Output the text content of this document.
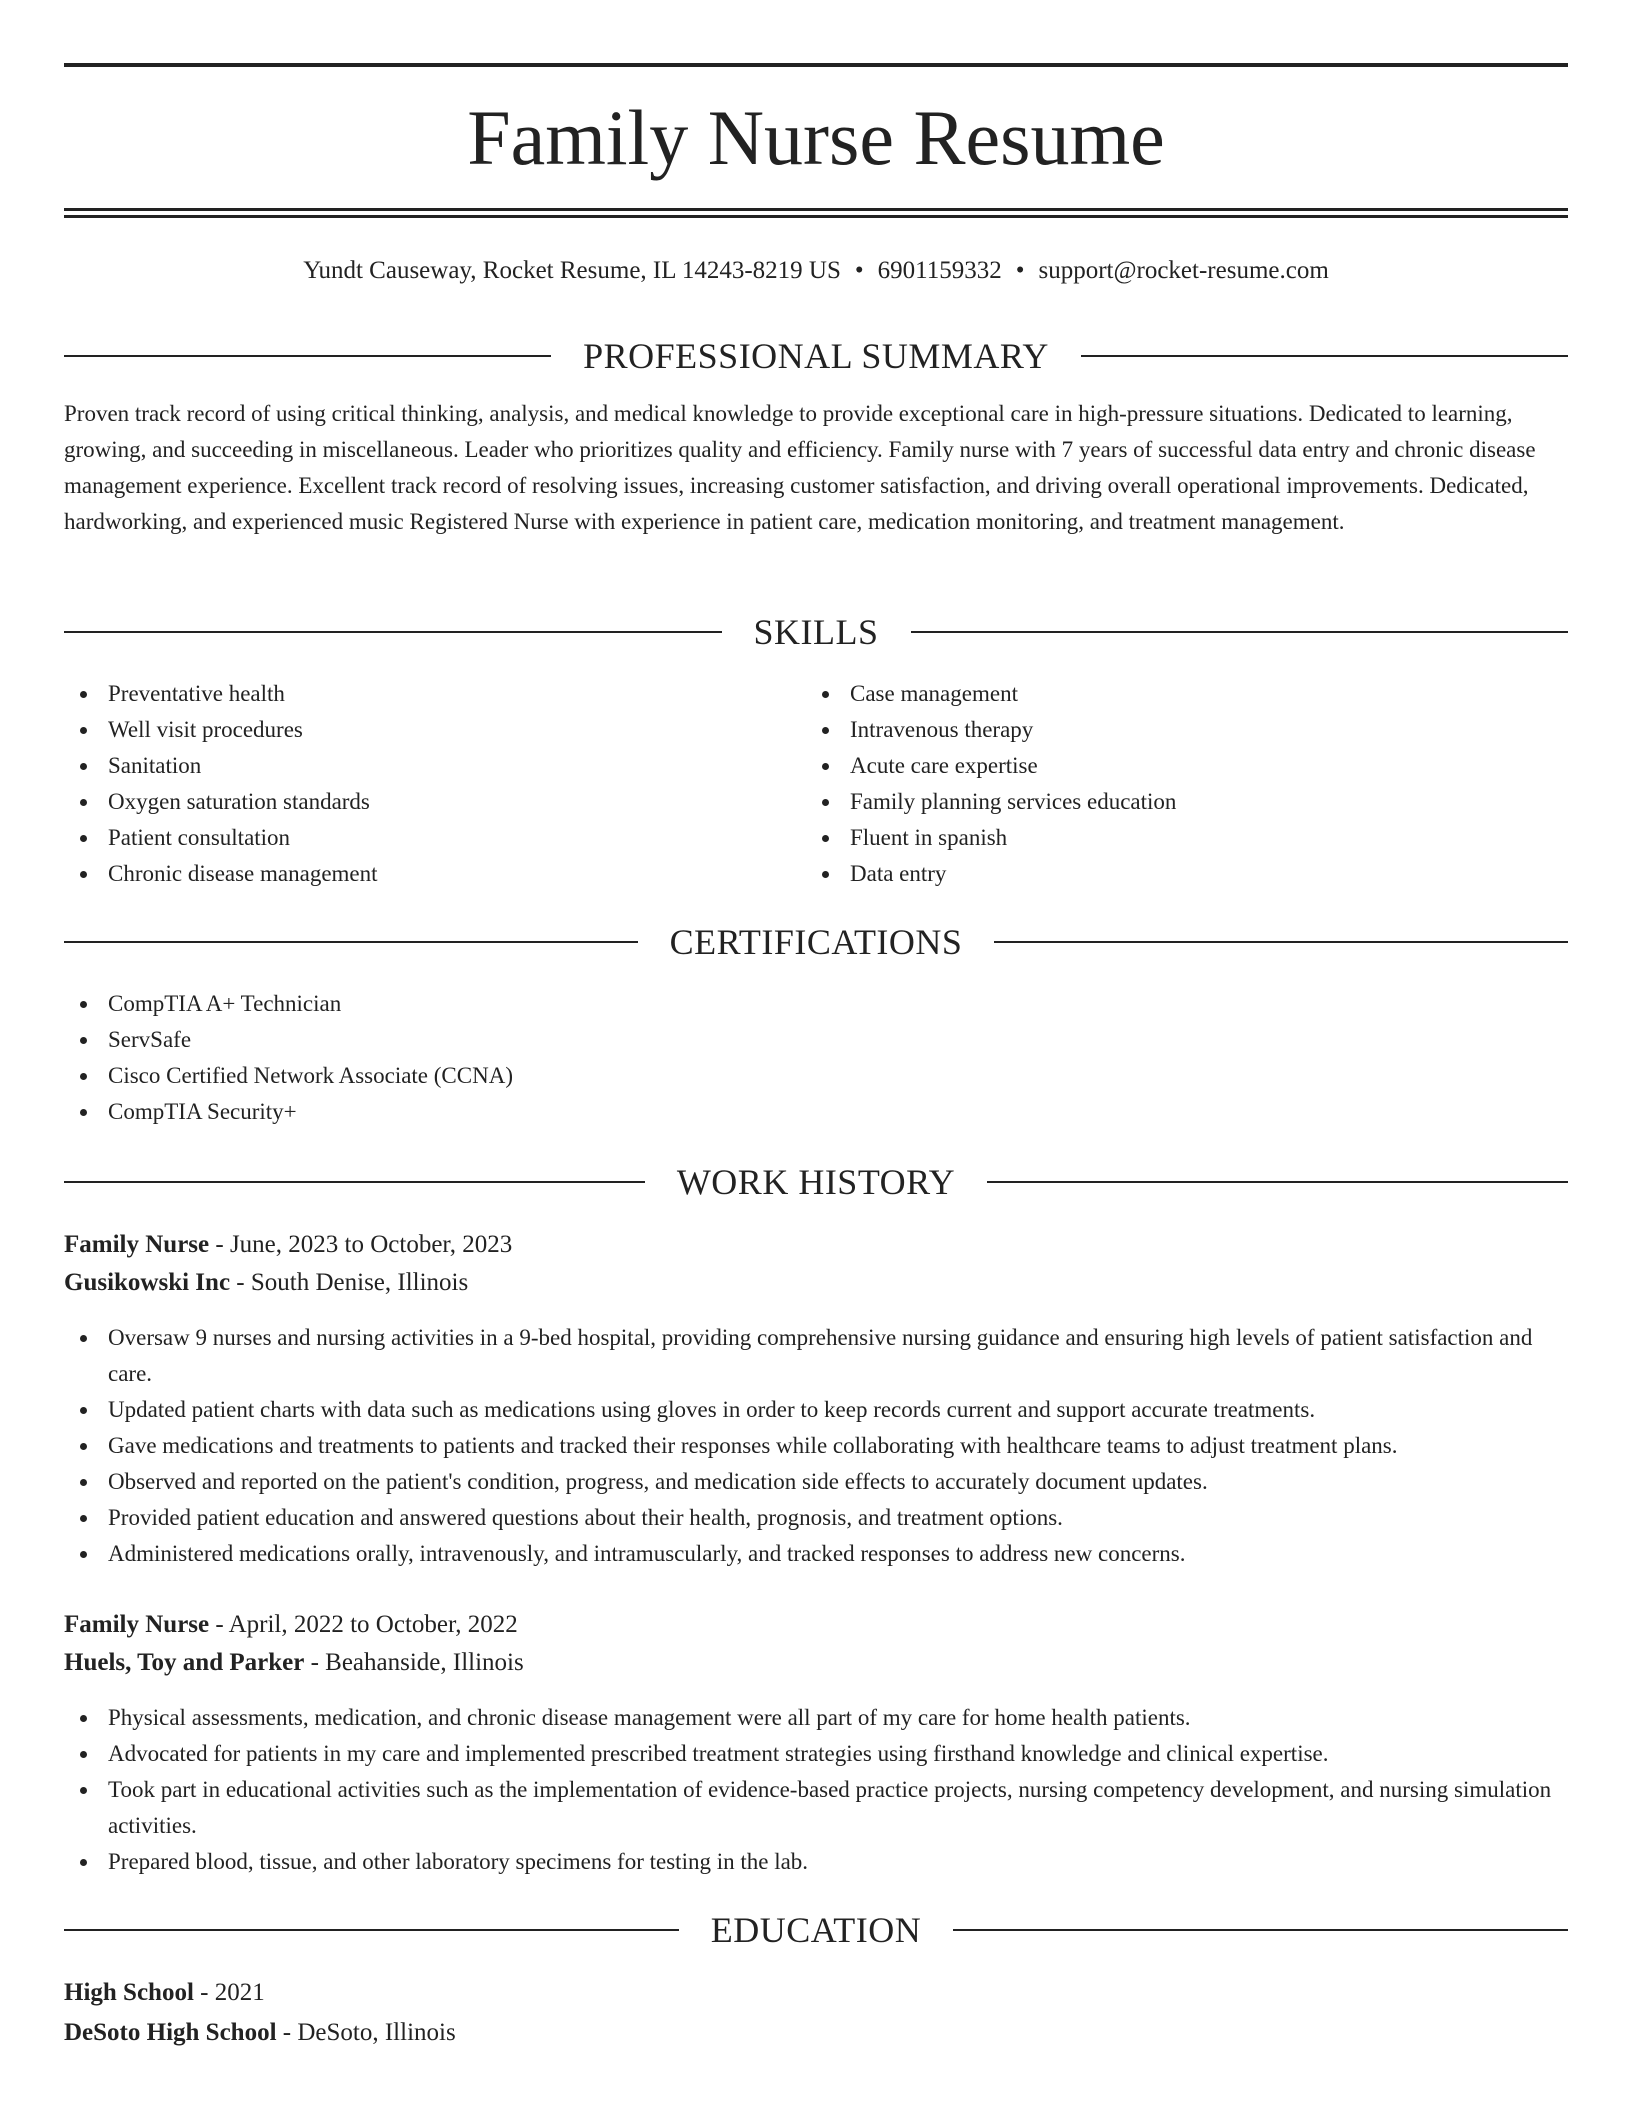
Family Nurse Resume
Yundt Causeway, Rocket Resume, IL 14243-8219 US • 6901159332 • support@rocket-resume.com
PROFESSIONAL SUMMARY

Proven track record of using critical thinking, analysis, and medical knowledge to provide exceptional care in high-pressure situations. Dedicated to learning, growing, and succeeding in miscellaneous. Leader who prioritizes quality and efficiency. Family nurse with 7 years of successful data entry and chronic disease management experience. Excellent track record of resolving issues, increasing customer satisfaction, and driving overall operational improvements. Dedicated, hardworking, and experienced music Registered Nurse with experience in patient care, medication monitoring, and treatment management.

SKILLS
Preventative health
Well visit procedures
Sanitation
Oxygen saturation standards
Patient consultation
Chronic disease management
Case management
Intravenous therapy
Acute care expertise
Family planning services education
Fluent in spanish
Data entry
CERTIFICATIONS
CompTIA A+ Technician
ServSafe
Cisco Certified Network Associate (CCNA)
CompTIA Security+
WORK HISTORY
Family Nurse - June, 2023 to October, 2023
Gusikowski Inc - South Denise, Illinois
Oversaw 9 nurses and nursing activities in a 9-bed hospital, providing comprehensive nursing guidance and ensuring high levels of patient satisfaction and care.
Updated patient charts with data such as medications using gloves in order to keep records current and support accurate treatments.
Gave medications and treatments to patients and tracked their responses while collaborating with healthcare teams to adjust treatment plans.
Observed and reported on the patient's condition, progress, and medication side effects to accurately document updates.
Provided patient education and answered questions about their health, prognosis, and treatment options.
Administered medications orally, intravenously, and intramuscularly, and tracked responses to address new concerns.
Family Nurse - April, 2022 to October, 2022
Huels, Toy and Parker - Beahanside, Illinois
Physical assessments, medication, and chronic disease management were all part of my care for home health patients.
Advocated for patients in my care and implemented prescribed treatment strategies using firsthand knowledge and clinical expertise.
Took part in educational activities such as the implementation of evidence-based practice projects, nursing competency development, and nursing simulation activities.
Prepared blood, tissue, and other laboratory specimens for testing in the lab.
EDUCATION
High School - 2021
DeSoto High School - DeSoto, Illinois
